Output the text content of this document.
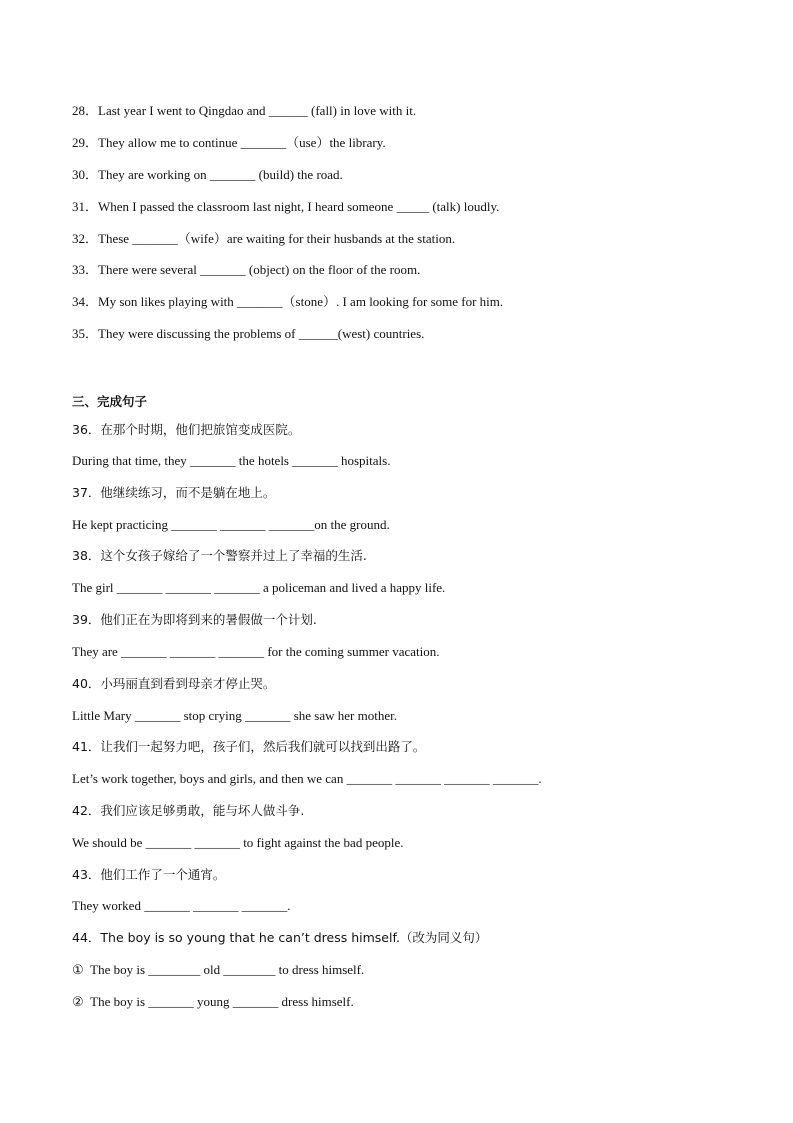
28．Last year I went to Qingdao and ______ (fall) in love with it.
29．They allow me to continue _______（use）the library.
30．They are working on _______ (build) the road.
31．When I passed the classroom last night, I heard someone _____ (talk) loudly.
32．These _______（wife）are waiting for their husbands at the station.
33．There were several _______ (object) on the floor of the room.
34．My son likes playing with _______（stone）. I am looking for some for him.
35．They were discussing the problems of ______(west) countries.
三、完成句子
36．在那个时期，他们把旅馆变成医院。
During that time, they _______ the hotels _______ hospitals.
37．他继续练习，而不是躺在地上。
He kept practicing _______ _______ _______on the ground.
38．这个女孩子嫁给了一个警察并过上了幸福的生活.
The girl _______ _______ _______ a policeman and lived a happy life.
39．他们正在为即将到来的暑假做一个计划.
They are _______ _______ _______ for the coming summer vacation.
40．小玛丽直到看到母亲才停止哭。
Little Mary _______ stop crying _______ she saw her mother.
41．让我们一起努力吧，孩子们，然后我们就可以找到出路了。
Let’s work together, boys and girls, and then we can _______ _______ _______ _______.
42．我们应该足够勇敢，能与坏人做斗争.
We should be _______ _______ to fight against the bad people.
43．他们工作了一个通宵。
They worked _______ _______ _______.
44．The boy is so young that he can’t dress himself.（改为同义句）
① The boy is ________ old ________ to dress himself.
② The boy is _______ young _______ dress himself.
